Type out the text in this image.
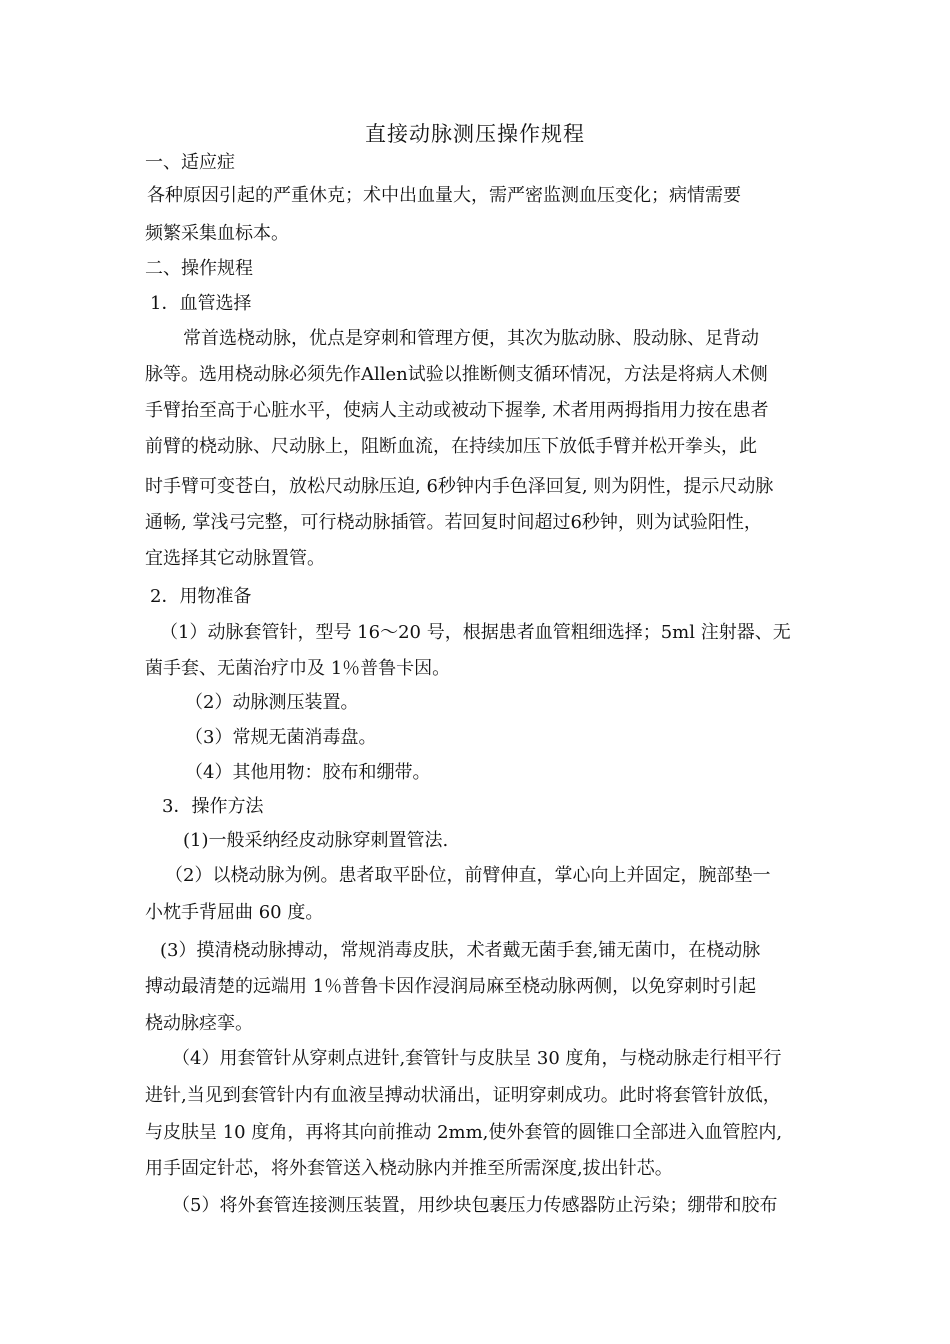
直接动脉测压操作规程
一、适应症
各种原因引起的严重休克；术中出血量大，需严密监测血压变化；病情需要
频繁采集血标本。
二、操作规程
1．血管选择
常首选桡动脉，优点是穿刺和管理方便，其次为肱动脉、股动脉、足背动
脉等。选用桡动脉必须先作Allen试验以推断侧支循环情况，方法是将病人术侧
手臂抬至高于心脏水平，使病人主动或被动下握拳, 术者用两拇指用力按在患者
前臂的桡动脉、尺动脉上，阻断血流，在持续加压下放低手臂并松开拳头，此
时手臂可变苍白，放松尺动脉压迫, 6秒钟内手色泽回复, 则为阴性，提示尺动脉
通畅, 掌浅弓完整，可行桡动脉插管。若回复时间超过6秒钟，则为试验阳性，
宜选择其它动脉置管。
2．用物准备
（1）动脉套管针，型号 16～20 号，根据患者血管粗细选择；5ml 注射器、无
菌手套、无菌治疗巾及 1％普鲁卡因。
（2）动脉测压装置。
（3）常规无菌消毒盘。
（4）其他用物：胶布和绷带。
3．操作方法
(1)一般采纳经皮动脉穿刺置管法.
（2）以桡动脉为例。患者取平卧位，前臂伸直，掌心向上并固定，腕部垫一
小枕手背屈曲 60 度。
(3）摸清桡动脉搏动，常规消毒皮肤，术者戴无菌手套,铺无菌巾，在桡动脉
搏动最清楚的远端用 1％普鲁卡因作浸润局麻至桡动脉两侧，以免穿刺时引起
桡动脉痉挛。
（4）用套管针从穿刺点进针,套管针与皮肤呈 30 度角，与桡动脉走行相平行
进针,当见到套管针内有血液呈搏动状涌出，证明穿刺成功。此时将套管针放低，
与皮肤呈 10 度角，再将其向前推动 2mm,使外套管的圆锥口全部进入血管腔内,
用手固定针芯，将外套管送入桡动脉内并推至所需深度,拔出针芯。
（5）将外套管连接测压装置，用纱块包裹压力传感器防止污染；绷带和胶布
